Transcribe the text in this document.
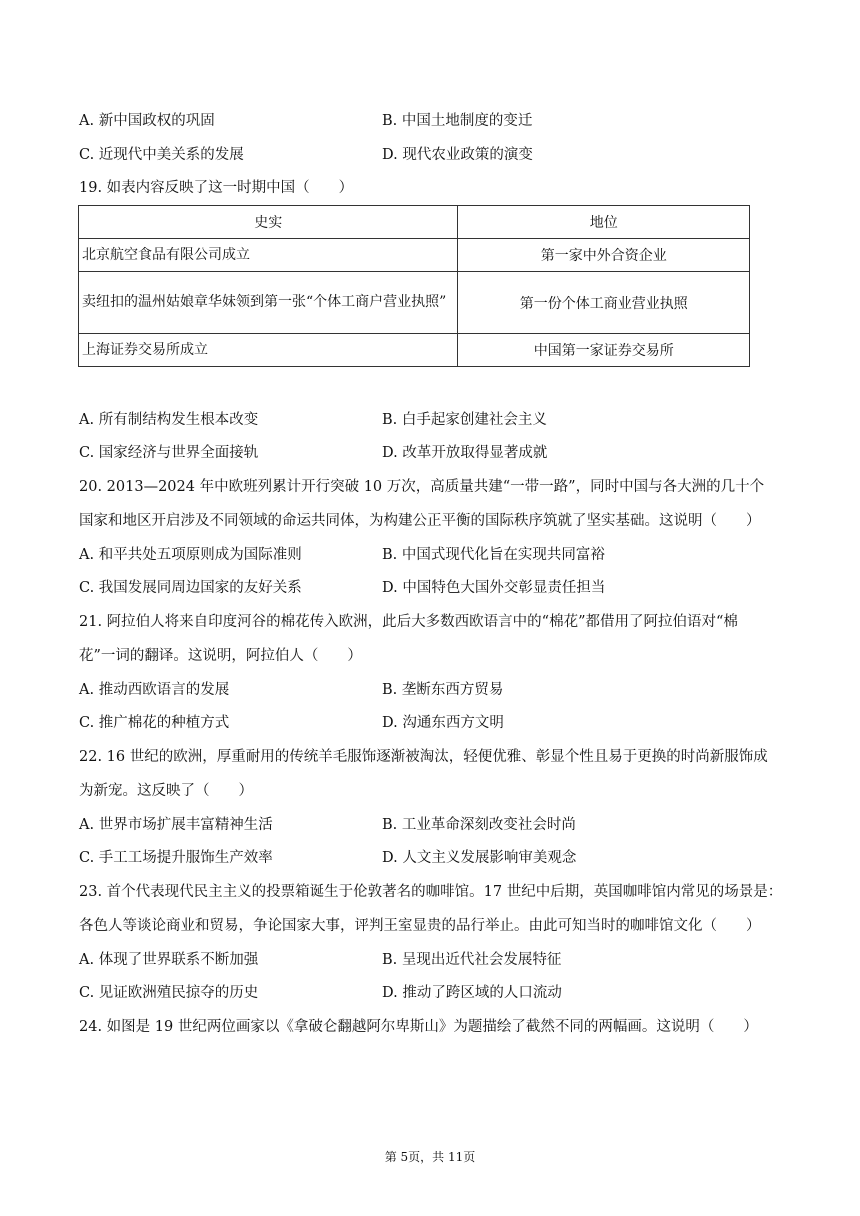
A. 新中国政权的巩固	B. 中国土地制度的变迁
C. 近现代中美关系的发展	D. 现代农业政策的演变
19. 如表内容反映了这一时期中国（　　）
史实	地位
北京航空食品有限公司成立	第一家中外合资企业
卖纽扣的温州姑娘章华妹领到第一张“个体工商户营业执照”	第一份个体工商业营业执照
上海证券交易所成立	中国第一家证券交易所
A. 所有制结构发生根本改变	B. 白手起家创建社会主义
C. 国家经济与世界全面接轨	D. 改革开放取得显著成就
20. 2013—2024 年中欧班列累计开行突破 10 万次，高质量共建“一带一路”，同时中国与各大洲的几十个
国家和地区开启涉及不同领域的命运共同体，为构建公正平衡的国际秩序筑就了坚实基础。这说明（　　）
A. 和平共处五项原则成为国际准则	B. 中国式现代化旨在实现共同富裕
C. 我国发展同周边国家的友好关系	D. 中国特色大国外交彰显责任担当
21. 阿拉伯人将来自印度河谷的棉花传入欧洲，此后大多数西欧语言中的“棉花”都借用了阿拉伯语对“棉
花”一词的翻译。这说明，阿拉伯人（　　）
A. 推动西欧语言的发展	B. 垄断东西方贸易
C. 推广棉花的种植方式	D. 沟通东西方文明
22. 16 世纪的欧洲，厚重耐用的传统羊毛服饰逐渐被淘汰，轻便优雅、彰显个性且易于更换的时尚新服饰成
为新宠。这反映了（　　）
A. 世界市场扩展丰富精神生活	B. 工业革命深刻改变社会时尚
C. 手工工场提升服饰生产效率	D. 人文主义发展影响审美观念
23. 首个代表现代民主主义的投票箱诞生于伦敦著名的咖啡馆。17 世纪中后期，英国咖啡馆内常见的场景是：
各色人等谈论商业和贸易，争论国家大事，评判王室显贵的品行举止。由此可知当时的咖啡馆文化（　　）
A. 体现了世界联系不断加强	B. 呈现出近代社会发展特征
C. 见证欧洲殖民掠夺的历史	D. 推动了跨区域的人口流动
24. 如图是 19 世纪两位画家以《拿破仑翻越阿尔卑斯山》为题描绘了截然不同的两幅画。这说明（　　）
第 5页，共 11页
